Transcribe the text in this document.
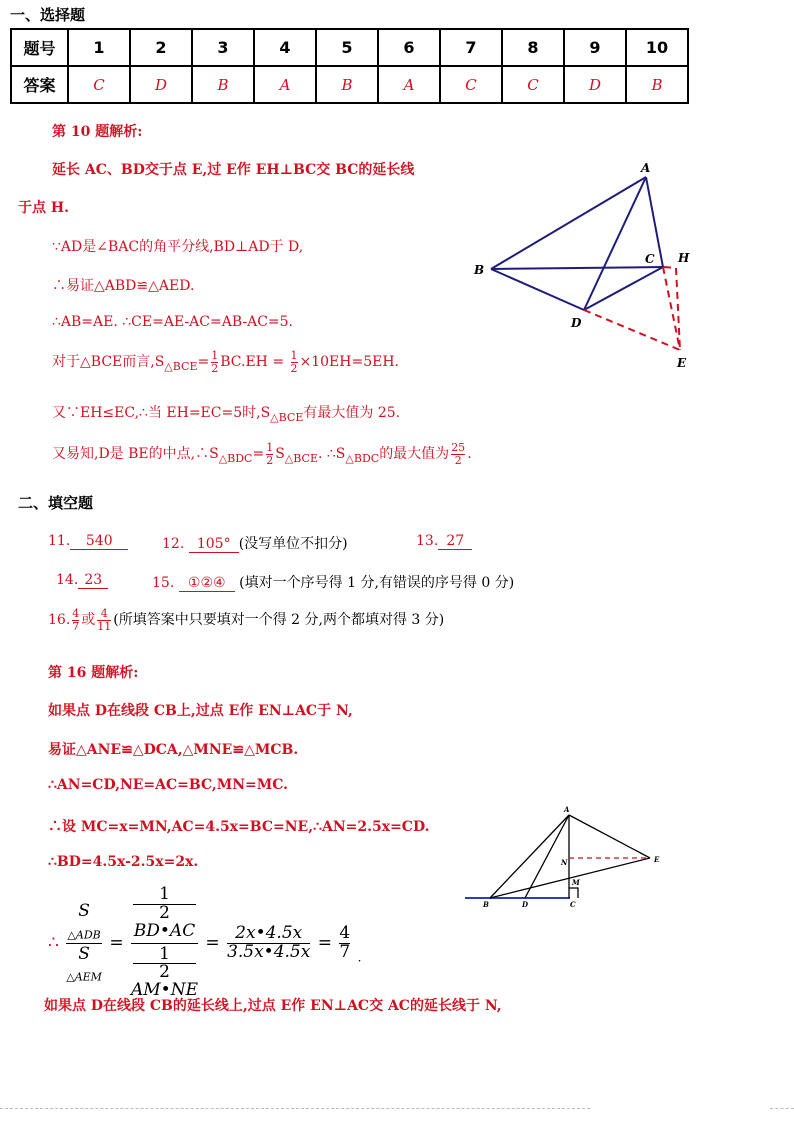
一、选择题
题号	1	2	3	4	5	6	7	8	9	10
答案	C	D	B	A	B	A	C	C	D	B
第 10 题解析:
延长 AC、BD交于点 E,过 E作 EH⊥BC交 BC的延长线
于点 H.
∵AD是∠BAC的角平分线,BD⊥AD于 D,
∴易证△ABD≌△AED.
∴AB=AE. ∴CE=AE-AC=AB-AC=5.
对于△BCE而言$,S_{\triangle BCE}= \frac{1}{2} BC.EH = \frac{1}{2} \times 10EH=5EH$.
又∵EH≤EC,∴当 EH=EC=5时$,S_{\triangle BCE}$有最大值为 25.
又易知,D是 BE的中点$,\therefore S_{\triangle BDC}= \frac{1}{2} S_{\triangle BCE}$. $\therefore S_{\triangle BDC}$的最大值为 $\frac{25}{2}$ .
A
B
C H
D
E
二、填空题
11. 540	12. 105° (没写单位不扣分)	13. 27
14. 23	15. ①②④ (填对一个序号得 1 分,有错误的序号得 0 分)
16. $\frac{4}{7}$ 或 $\frac{4}{11}$ (所填答案中只要填对一个得 2 分,两个都填对得 3 分)
第 16 题解析:
如果点 D在线段 CB上,过点 E作 EN⊥AC于 N,
易证△ANE≌△DCA,△MNE≌△MCB.
∴AN=CD,NE=AC=BC,MN=MC.
∴设 MC=x=MN,AC=4.5x=BC=NE,∴AN=2.5x=CD.
∴BD=4.5x-2.5x=2x.
∴ S
$_{\triangle ADB}$
S
$_{\triangle AEM}$ = 1
2
BD•AC
1
2
AM•NE = $\frac{2x•4.5x}{3.5x•4.5x} = \frac{4}{7} _.$
如果点 D在线段 CB的延长线上,过点 E作 EN⊥AC交 AC的延长线于 N,
A
N
M
E
B	D	C
